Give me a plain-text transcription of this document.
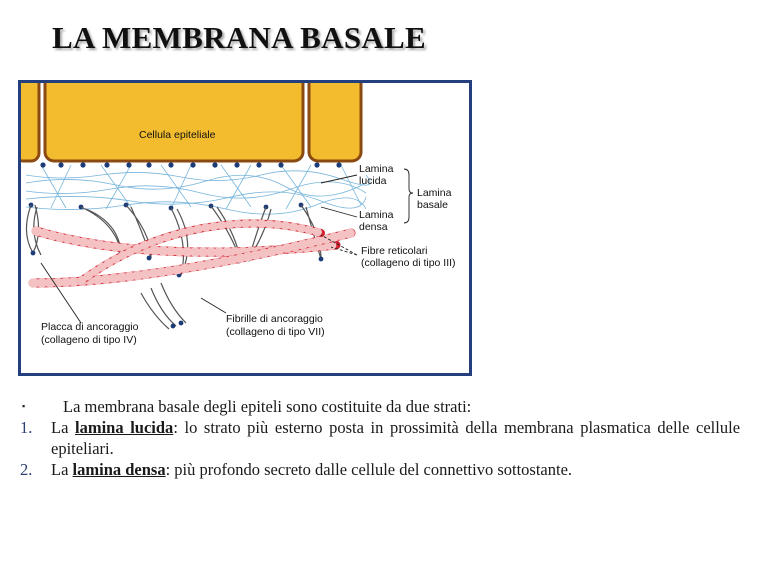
LA MEMBRANA BASALE
Cellula epiteliale
Lamina
lucida
Lamina
densa
Lamina
basale
Fibre reticolari
(collageno di tipo III)
Fibrille di ancoraggio
(collageno di tipo VII)
Placca di ancoraggio
(collageno di tipo IV)
▪	La membrana basale degli epiteli sono costituite da due strati:
1.	La lamina lucida: lo strato più esterno posta in prossimità della membrana plasmatica delle cellule epiteliari.
2.	La lamina densa: più profondo secreto dalle cellule del connettivo sottostante.
